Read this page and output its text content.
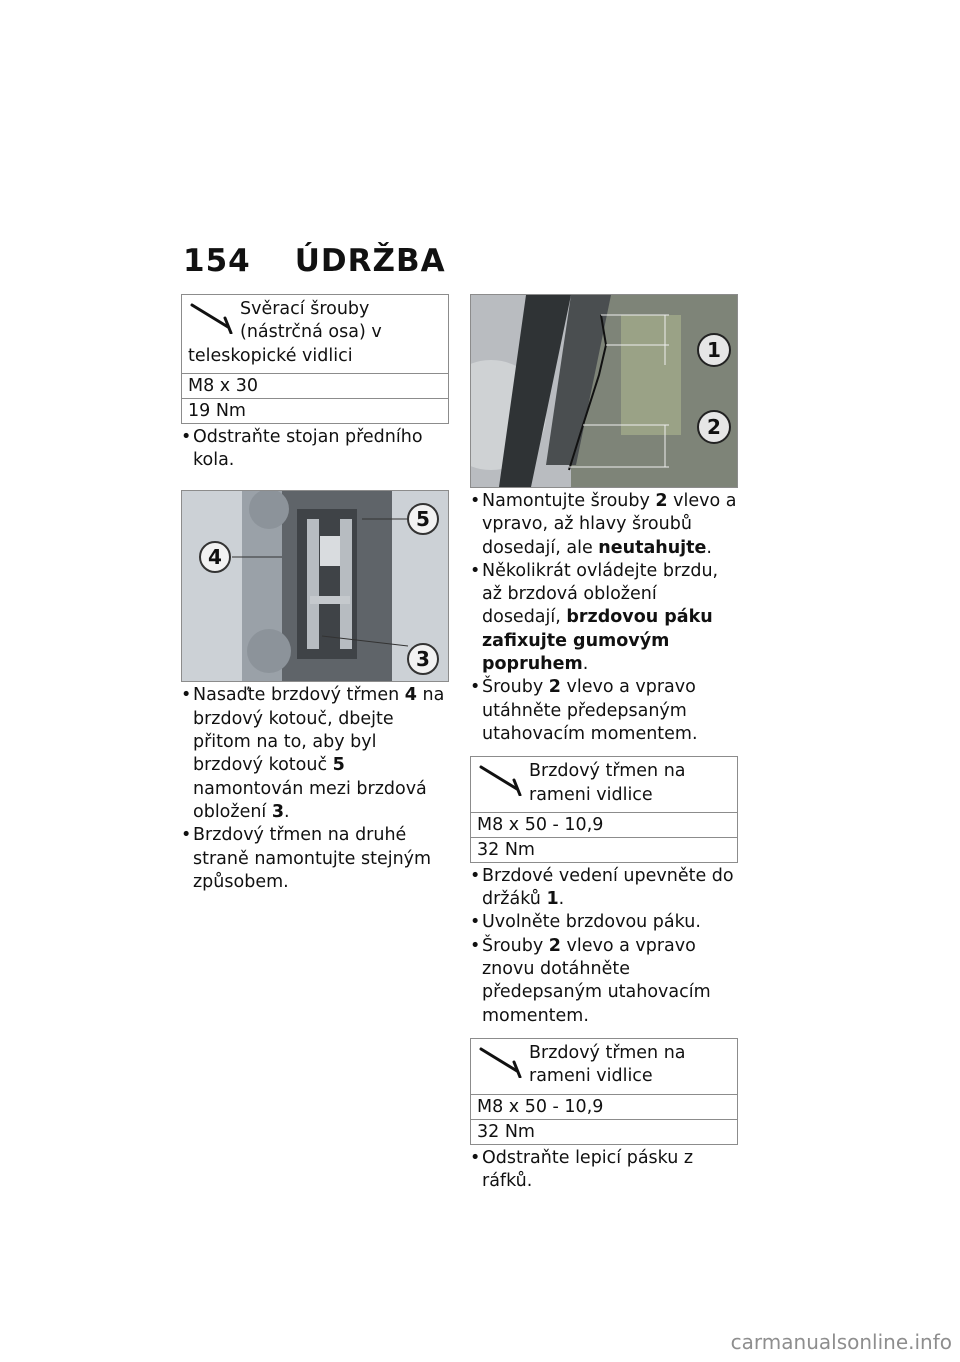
154 ÚDRŽBA
Svěrací šrouby (nástrčná osa) v teleskopické vidlici
M8 x 30
19 Nm
• Odstraňte stojan předního kola.
5
4
3
• Nasaďte brzdový třmen 4 na brzdový kotouč, dbejte přitom na to, aby byl brzdový kotouč 5 namontován mezi brzdová obložení 3.
• Brzdový třmen na druhé straně namontujte stejným způsobem.
1
2
• Namontujte šrouby 2 vlevo a vpravo, až hlavy šroubů dosedají, ale neutahujte.
• Několikrát ovládejte brzdu, až brzdová obložení dosedají, brzdovou páku zafixujte gumovým popruhem.
• Šrouby 2 vlevo a vpravo utáhněte předepsaným utahovacím momentem.
Brzdový třmen na rameni vidlice
M8 x 50 - 10,9
32 Nm
• Brzdové vedení upevněte do držáků 1.
• Uvolněte brzdovou páku.
• Šrouby 2 vlevo a vpravo znovu dotáhněte předepsaným utahovacím momentem.
Brzdový třmen na rameni vidlice
M8 x 50 - 10,9
32 Nm
• Odstraňte lepicí pásku z ráfků.
carmanualsonline.info
